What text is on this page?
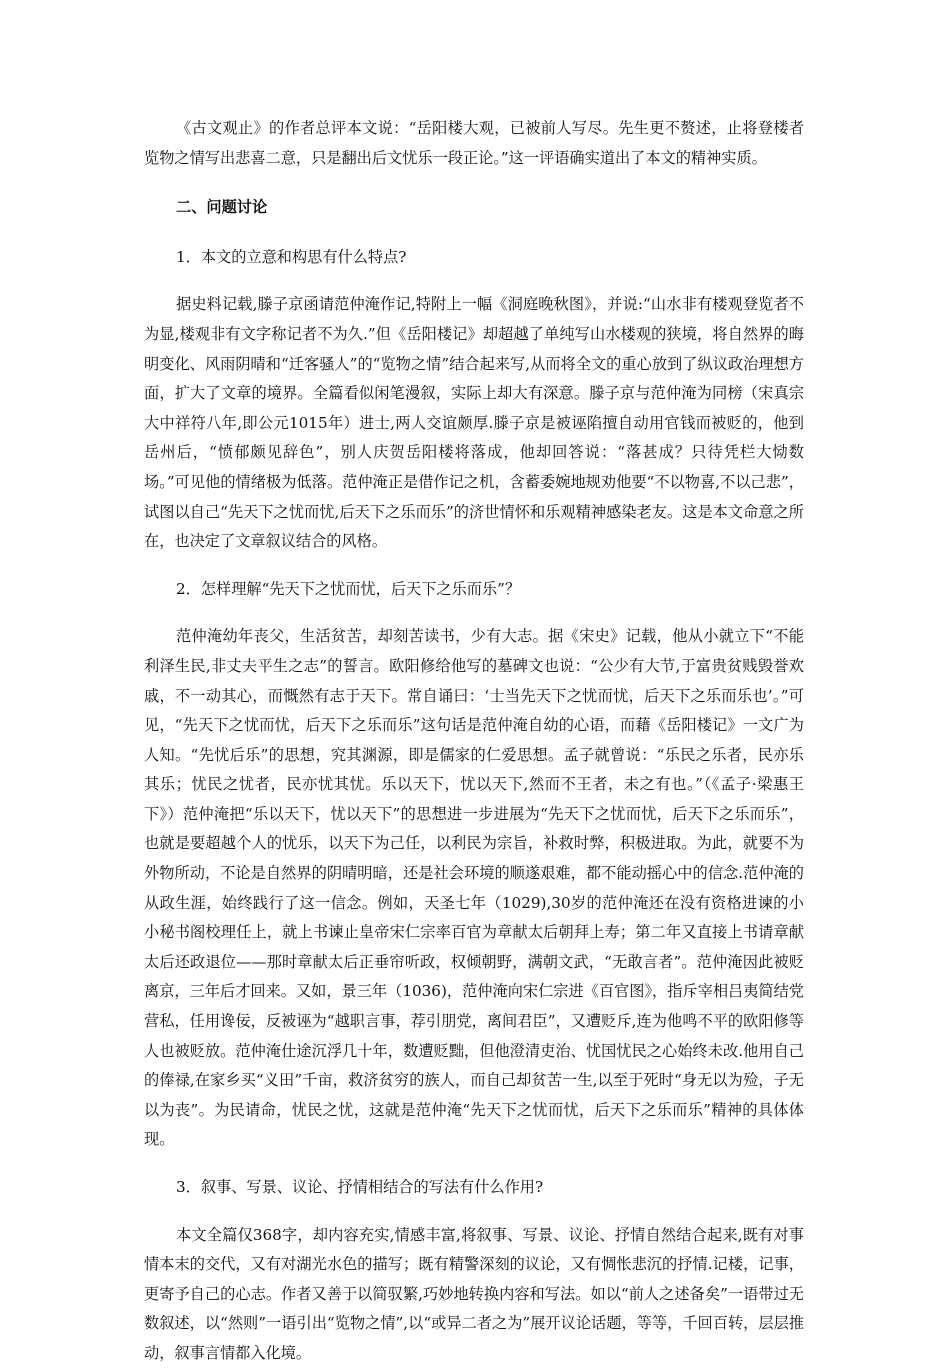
《古文观止》的作者总评本文说：“岳阳楼大观，已被前人写尽。先生更不赘述，止将登楼者览物之情写出悲喜二意，只是翻出后文忧乐一段正论。”这一评语确实道出了本文的精神实质。

二、问题讨论

1．本文的立意和构思有什么特点?

据史料记载,滕子京函请范仲淹作记,特附上一幅《洞庭晚秋图》，并说:“山水非有楼观登览者不为显,楼观非有文字称记者不为久.”但《岳阳楼记》却超越了单纯写山水楼观的狭境，将自然界的晦明变化、风雨阴晴和“迁客骚人”的“览物之情”结合起来写,从而将全文的重心放到了纵议政治理想方面，扩大了文章的境界。全篇看似闲笔漫叙，实际上却大有深意。滕子京与范仲淹为同榜（宋真宗大中祥符八年,即公元1015年）进士,两人交谊颇厚.滕子京是被诬陷擅自动用官钱而被贬的，他到岳州后，“愤郁颇见辞色”，别人庆贺岳阳楼将落成，他却回答说：“落甚成？只待凭栏大恸数场。”可见他的情绪极为低落。范仲淹正是借作记之机，含蓄委婉地规劝他要“不以物喜,不以己悲”，试图以自己“先天下之忧而忧,后天下之乐而乐”的济世情怀和乐观精神感染老友。这是本文命意之所在，也决定了文章叙议结合的风格。

2．怎样理解“先天下之忧而忧，后天下之乐而乐”？

范仲淹幼年丧父，生活贫苦，却刻苦读书，少有大志。据《宋史》记载，他从小就立下“不能利泽生民,非丈夫平生之志”的誓言。欧阳修给他写的墓碑文也说：“公少有大节,于富贵贫贱毁誉欢戚，不一动其心，而慨然有志于天下。常自诵曰：‘士当先天下之忧而忧，后天下之乐而乐也’。”可见，“先天下之忧而忧，后天下之乐而乐”这句话是范仲淹自幼的心语，而藉《岳阳楼记》一文广为人知。“先忧后乐”的思想，究其渊源，即是儒家的仁爱思想。孟子就曾说：“乐民之乐者，民亦乐其乐；忧民之忧者，民亦忧其忧。乐以天下，忧以天下,然而不王者，未之有也。”（《孟子·梁惠王下》）范仲淹把“乐以天下，忧以天下”的思想进一步进展为“先天下之忧而忧，后天下之乐而乐”，也就是要超越个人的忧乐，以天下为己任，以利民为宗旨，补救时弊，积极进取。为此，就要不为外物所动，不论是自然界的阴晴明暗，还是社会环境的顺遂艰难，都不能动摇心中的信念.范仲淹的从政生涯，始终践行了这一信念。例如，天圣七年（1029),30岁的范仲淹还在没有资格进谏的小小秘书阁校理任上，就上书谏止皇帝宋仁宗率百官为章献太后朝拜上寿；第二年又直接上书请章献太后还政退位——那时章献太后正垂帘听政，权倾朝野，满朝文武，“无敢言者”。范仲淹因此被贬离京，三年后才回来。又如，景三年（1036)，范仲淹向宋仁宗进《百官图》，指斥宰相吕夷简结党营私，任用谗佞，反被诬为“越职言事，荐引朋党，离间君臣”，又遭贬斥,连为他鸣不平的欧阳修等人也被贬放。范仲淹仕途沉浮几十年，数遭贬黜，但他澄清吏治、忧国忧民之心始终未改.他用自己的俸禄,在家乡买“义田”千亩，救济贫穷的族人，而自己却贫苦一生,以至于死时“身无以为殓，子无以为丧”。为民请命，忧民之忧，这就是范仲淹“先天下之忧而忧，后天下之乐而乐”精神的具体体现。

3．叙事、写景、议论、抒情相结合的写法有什么作用?

本文全篇仅368字，却内容充实,情感丰富,将叙事、写景、议论、抒情自然结合起来,既有对事情本末的交代，又有对湖光水色的描写；既有精警深刻的议论，又有惆怅悲沉的抒情.记楼，记事，更寄予自己的心志。作者又善于以简驭繁,巧妙地转换内容和写法。如以“前人之述备矣”一语带过无数叙述，以“然则”一语引出“览物之情”,以“或异二者之为”展开议论话题，等等，千回百转，层层推动，叙事言情都入化境。
